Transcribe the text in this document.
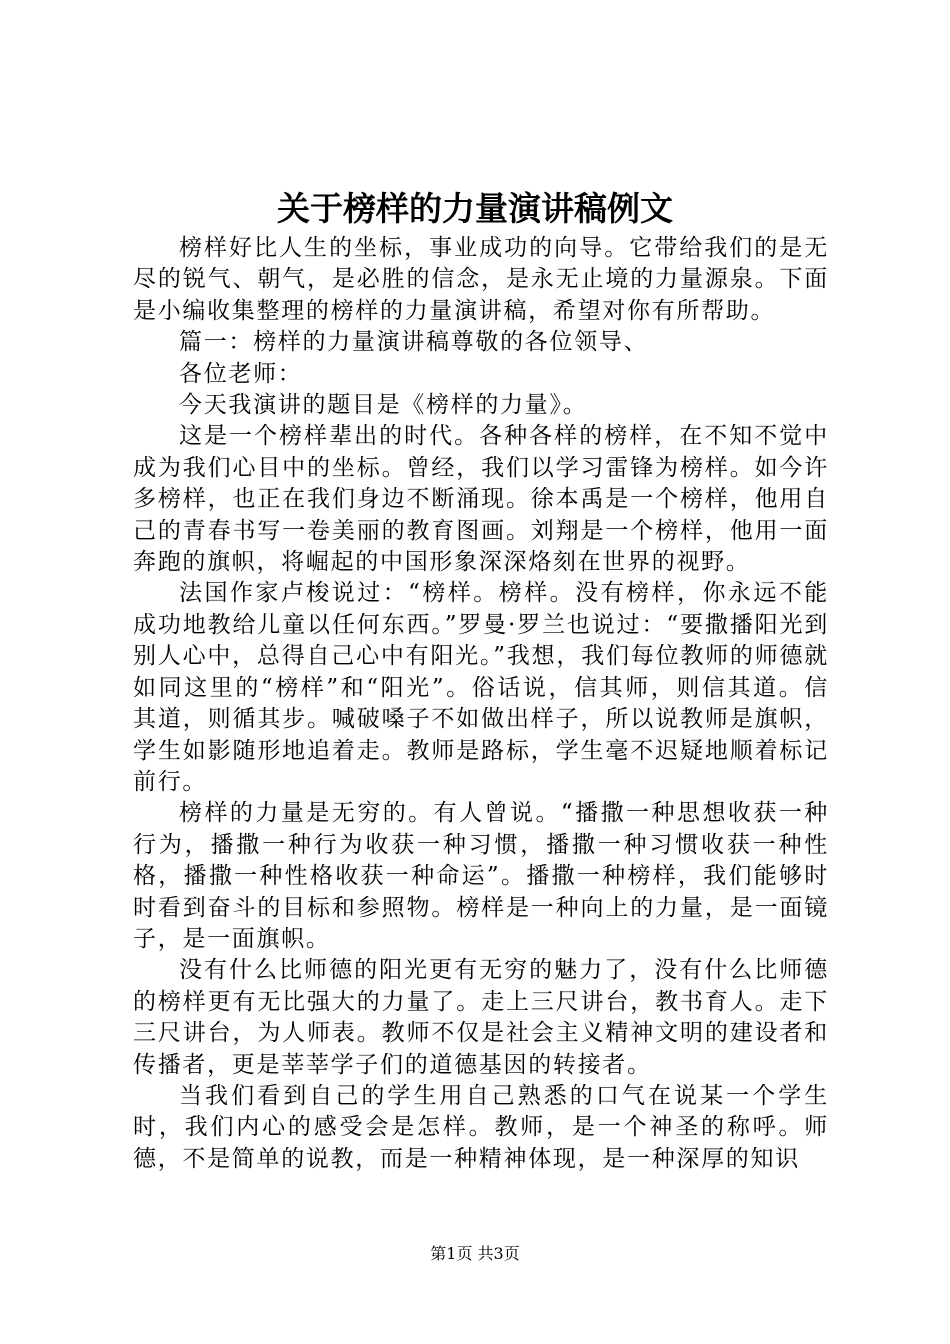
关于榜样的力量演讲稿例文

榜样好比人生的坐标，事业成功的向导。它带给我们的是无尽的锐气、朝气，是必胜的信念，是永无止境的力量源泉。下面是小编收集整理的榜样的力量演讲稿，希望对你有所帮助。

篇一：榜样的力量演讲稿尊敬的各位领导、

各位老师：

今天我演讲的题目是《榜样的力量》。

这是一个榜样辈出的时代。各种各样的榜样，在不知不觉中成为我们心目中的坐标。曾经，我们以学习雷锋为榜样。如今许多榜样，也正在我们身边不断涌现。徐本禹是一个榜样，他用自己的青春书写一卷美丽的教育图画。刘翔是一个榜样，他用一面奔跑的旗帜，将崛起的中国形象深深烙刻在世界的视野。

法国作家卢梭说过：“榜样。榜样。没有榜样，你永远不能成功地教给儿童以任何东西。”罗曼·罗兰也说过：“要撒播阳光到别人心中，总得自己心中有阳光。”我想，我们每位教师的师德就如同这里的“榜样”和“阳光”。俗话说，信其师，则信其道。信其道，则循其步。喊破嗓子不如做出样子，所以说教师是旗帜，学生如影随形地追着走。教师是路标，学生毫不迟疑地顺着标记前行。

榜样的力量是无穷的。有人曾说。“播撒一种思想收获一种行为，播撒一种行为收获一种习惯，播撒一种习惯收获一种性格，播撒一种性格收获一种命运”。播撒一种榜样，我们能够时时看到奋斗的目标和参照物。榜样是一种向上的力量，是一面镜子，是一面旗帜。

没有什么比师德的阳光更有无穷的魅力了，没有什么比师德的榜样更有无比强大的力量了。走上三尺讲台，教书育人。走下三尺讲台，为人师表。教师不仅是社会主义精神文明的建设者和传播者，更是莘莘学子们的道德基因的转接者。

当我们看到自己的学生用自己熟悉的口气在说某一个学生时，我们内心的感受会是怎样。教师，是一个神圣的称呼。师德，不是简单的说教，而是一种精神体现，是一种深厚的知识

第1页 共3页
